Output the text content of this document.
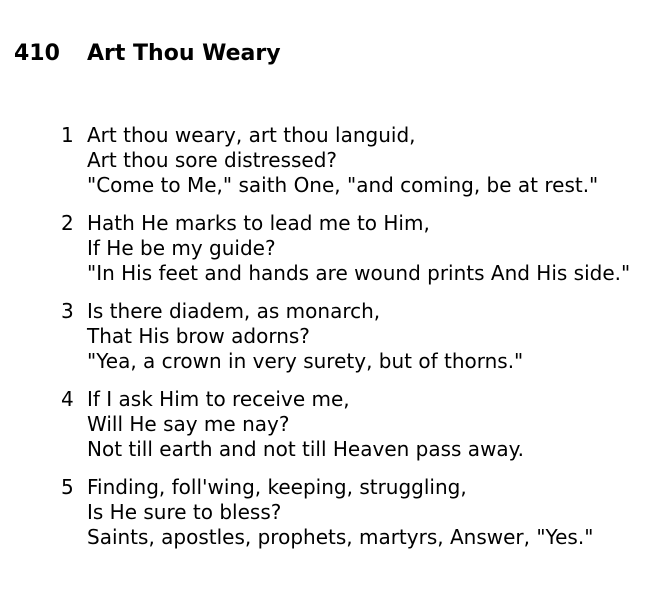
410	Art Thou Weary
1 Art thou weary, art thou languid,
Art thou sore distressed?
"Come to Me," saith One, "and coming, be at rest."
2 Hath He marks to lead me to Him,
If He be my guide?
"In His feet and hands are wound prints And His side."
3 Is there diadem, as monarch,
That His brow adorns?
"Yea, a crown in very surety, but of thorns."
4 If I ask Him to receive me,
Will He say me nay?
Not till earth and not till Heaven pass away.
5 Finding, foll'wing, keeping, struggling,
Is He sure to bless?
Saints, apostles, prophets, martyrs, Answer, "Yes."
